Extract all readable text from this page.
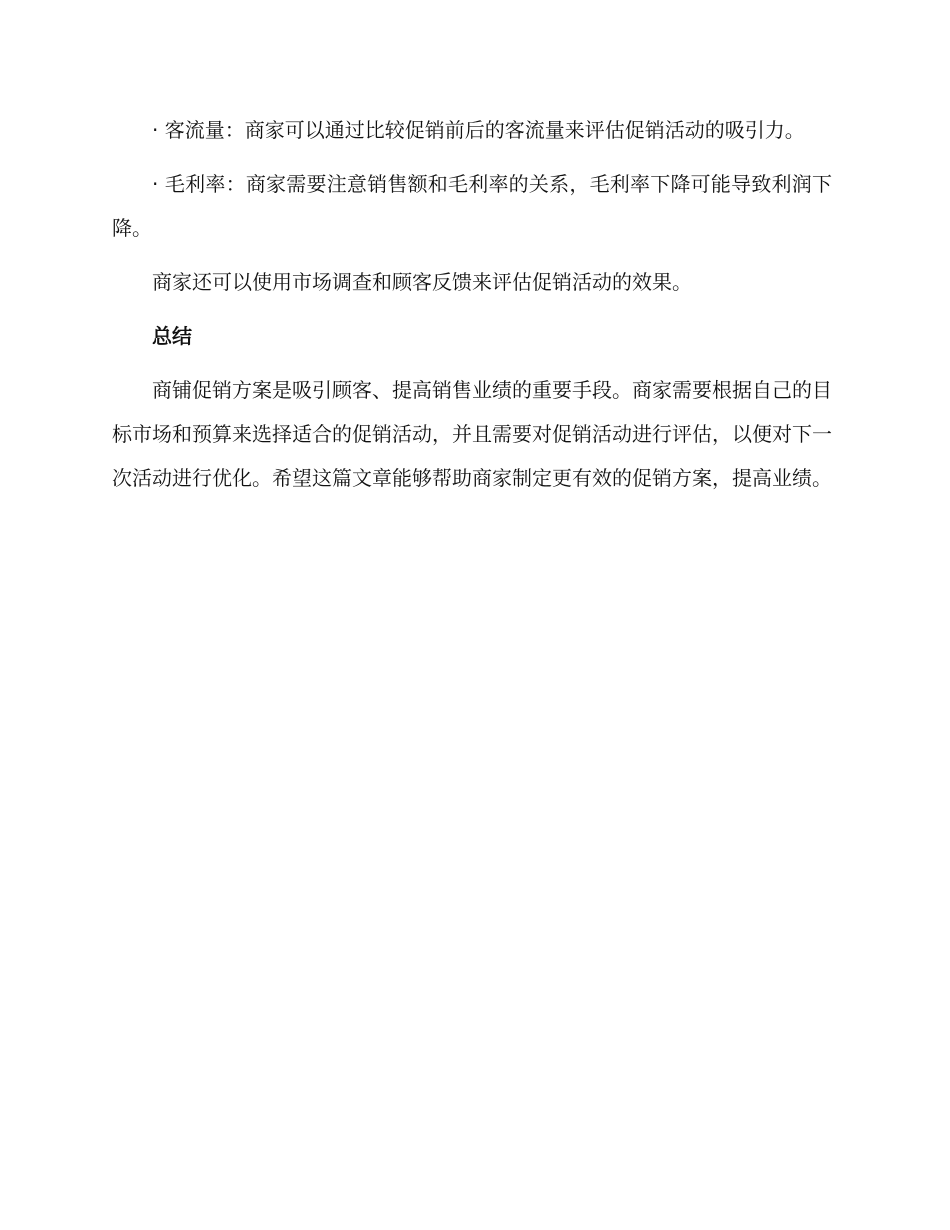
· 客流量：商家可以通过比较促销前后的客流量来评估促销活动的吸引力。

· 毛利率：商家需要注意销售额和毛利率的关系，毛利率下降可能导致利润下降。

商家还可以使用市场调查和顾客反馈来评估促销活动的效果。

总结

商铺促销方案是吸引顾客、提高销售业绩的重要手段。商家需要根据自己的目标市场和预算来选择适合的促销活动，并且需要对促销活动进行评估，以便对下一次活动进行优化。希望这篇文章能够帮助商家制定更有效的促销方案，提高业绩。
